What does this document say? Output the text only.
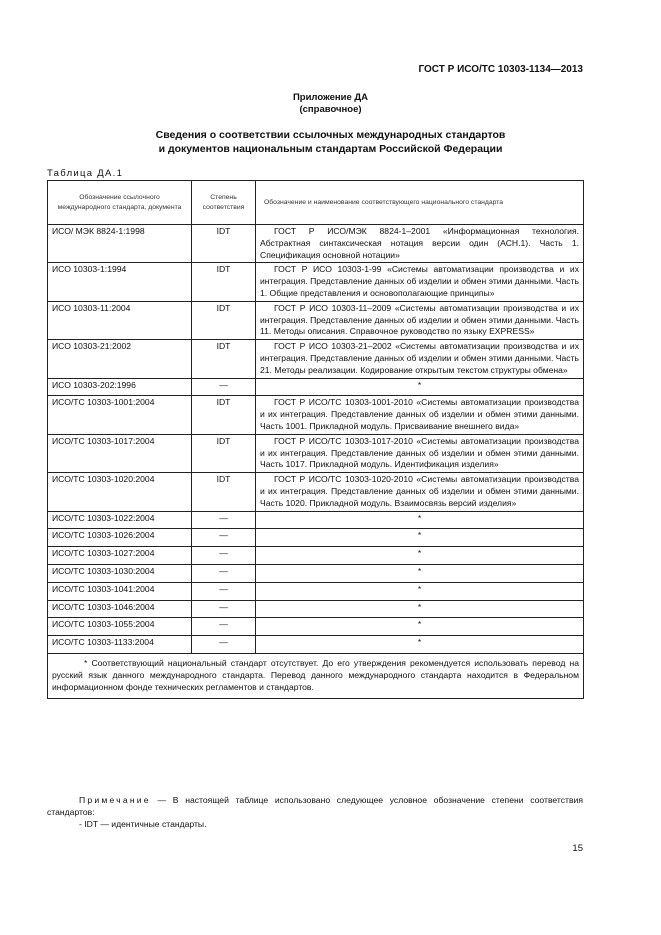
ГОСТ Р ИСО/ТС 10303-1134—2013
Приложение ДА
(справочное)
Сведения о соответствии ссылочных международных стандартов
и документов национальным стандартам Российской Федерации
Таблица ДА.1
Обозначение ссылочного международного стандарта, документа	Степень соответствия	Обозначение и наименование соответствующего национального стандарта
ИСО/ МЭК 8824-1:1998	IDT	ГОСТ Р ИСО/МЭК 8824-1–2001 «Информационная технология. Абстрактная синтаксическая нотация версии один (АСН.1). Часть 1. Спецификация основной нотации»
ИСО 10303-1:1994	IDT	ГОСТ Р ИСО 10303-1-99 «Системы автоматизации производства и их интеграция. Представление данных об изделии и обмен этими данными. Часть 1. Общие представления и основополагающие принципы»
ИСО 10303-11:2004	IDT	ГОСТ Р ИСО 10303-11–2009 «Системы автоматизации производства и их интеграция. Представление данных об изделии и обмен этими данными. Часть 11. Методы описания. Справочное руководство по языку EXPRESS»
ИСО 10303-21:2002	IDT	ГОСТ Р ИСО 10303-21–2002 «Системы автоматизации производства и их интеграция. Представление данных об изделии и обмен этими данными. Часть 21. Методы реализации. Кодирование открытым текстом структуры обмена»
ИСО 10303-202:1996	—	*
ИСО/ТС 10303-1001:2004	IDT	ГОСТ Р ИСО/ТС 10303-1001-2010 «Системы автоматизации производства и их интеграция. Представление данных об изделии и обмен этими данными. Часть 1001. Прикладной модуль. Присваивание внешнего вида»
ИСО/ТС 10303-1017:2004	IDT	ГОСТ Р ИСО/ТС 10303-1017-2010 «Системы автоматизации производства и их интеграция. Представление данных об изделии и обмен этими данными. Часть 1017. Прикладной модуль. Идентификация изделия»
ИСО/ТС 10303-1020:2004	IDT	ГОСТ Р ИСО/ТС 10303-1020-2010 «Системы автоматизации производства и их интеграция. Представление данных об изделии и обмен этими данными. Часть 1020. Прикладной модуль. Взаимосвязь версий изделия»
ИСО/ТС 10303-1022:2004	—	*
ИСО/ТС 10303-1026:2004	—	*
ИСО/ТС 10303-1027:2004	—	*
ИСО/ТС 10303-1030:2004	—	*
ИСО/ТС 10303-1041:2004	—	*
ИСО/ТС 10303-1046:2004	—	*
ИСО/ТС 10303-1055:2004	—	*
ИСО/ТС 10303-1133:2004	—	*
* Соответствующий национальный стандарт отсутствует. До его утверждения рекомендуется использовать перевод на русский язык данного международного стандарта. Перевод данного международного стандарта находится в Федеральном информационном фонде технических регламентов и стандартов.		
Примечание — В настоящей таблице использовано следующее условное обозначение степени соответствия стандартов:
- IDT — идентичные стандарты.
15
